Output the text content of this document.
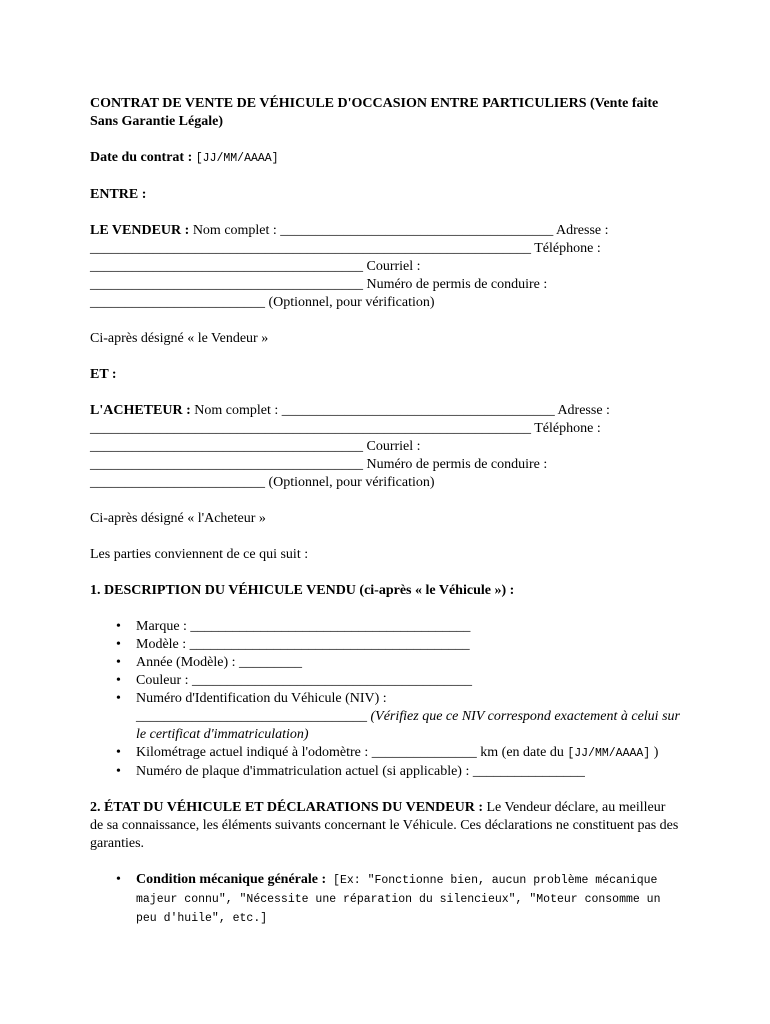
CONTRAT DE VENTE DE VÉHICULE D'OCCASION ENTRE PARTICULIERS (Vente faite Sans Garantie Légale)

Date du contrat : [JJ/MM/AAAA]

ENTRE :

LE VENDEUR : Nom complet : _______________________________________ Adresse :
_______________________________________________________________ Téléphone :
_______________________________________ Courriel :
_______________________________________ Numéro de permis de conduire :
_________________________ (Optionnel, pour vérification)

Ci-après désigné « le Vendeur »

ET :

L'ACHETEUR : Nom complet : _______________________________________ Adresse :
_______________________________________________________________ Téléphone :
_______________________________________ Courriel :
_______________________________________ Numéro de permis de conduire :
_________________________ (Optionnel, pour vérification)

Ci-après désigné « l'Acheteur »

Les parties conviennent de ce qui suit :

1. DESCRIPTION DU VÉHICULE VENDU (ci-après « le Véhicule ») :

• Marque : ________________________________________
• Modèle : ________________________________________
• Année (Modèle) : _________
• Couleur : ________________________________________
• Numéro d'Identification du Véhicule (NIV) :
_________________________________ (Vérifiez que ce NIV correspond exactement à celui sur le certificat d'immatriculation)
• Kilométrage actuel indiqué à l'odomètre : _______________ km (en date du [JJ/MM/AAAA] )
• Numéro de plaque d'immatriculation actuel (si applicable) : ________________

2. ÉTAT DU VÉHICULE ET DÉCLARATIONS DU VENDEUR : Le Vendeur déclare, au meilleur de sa connaissance, les éléments suivants concernant le Véhicule. Ces déclarations ne constituent pas des garanties.

• Condition mécanique générale : [Ex: "Fonctionne bien, aucun problème mécanique majeur connu", "Nécessite une réparation du silencieux", "Moteur consomme un peu d'huile", etc.]
